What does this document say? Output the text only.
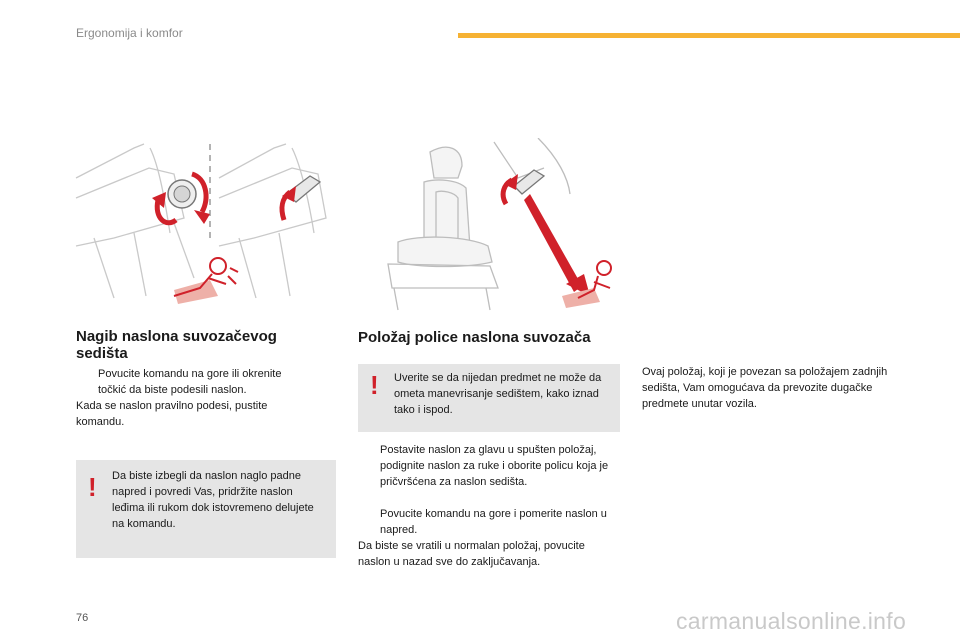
Ergonomija i komfor
Nagib naslona suvozačevog sedišta
Povucite komandu na gore ili okrenite točkić da biste podesili naslon.
Kada se naslon pravilno podesi, pustite komandu.
! Da biste izbegli da naslon naglo padne napred i povredi Vas, pridržite naslon leđima ili rukom dok istovremeno delujete na komandu.
Položaj police naslona suvozača
! Uverite se da nijedan predmet ne može da ometa manevrisanje sedištem, kako iznad tako i ispod.
Postavite naslon za glavu u spušten položaj, podignite naslon za ruke i oborite policu koja je pričvršćena za naslon sedišta.
Povucite komandu na gore i pomerite naslon u napred.
Da biste se vratili u normalan položaj, povucite naslon u nazad sve do zaključavanja.
Ovaj položaj, koji je povezan sa položajem zadnjih sedišta, Vam omogućava da prevozite dugačke predmete unutar vozila.
76	carmanualsonline.info
